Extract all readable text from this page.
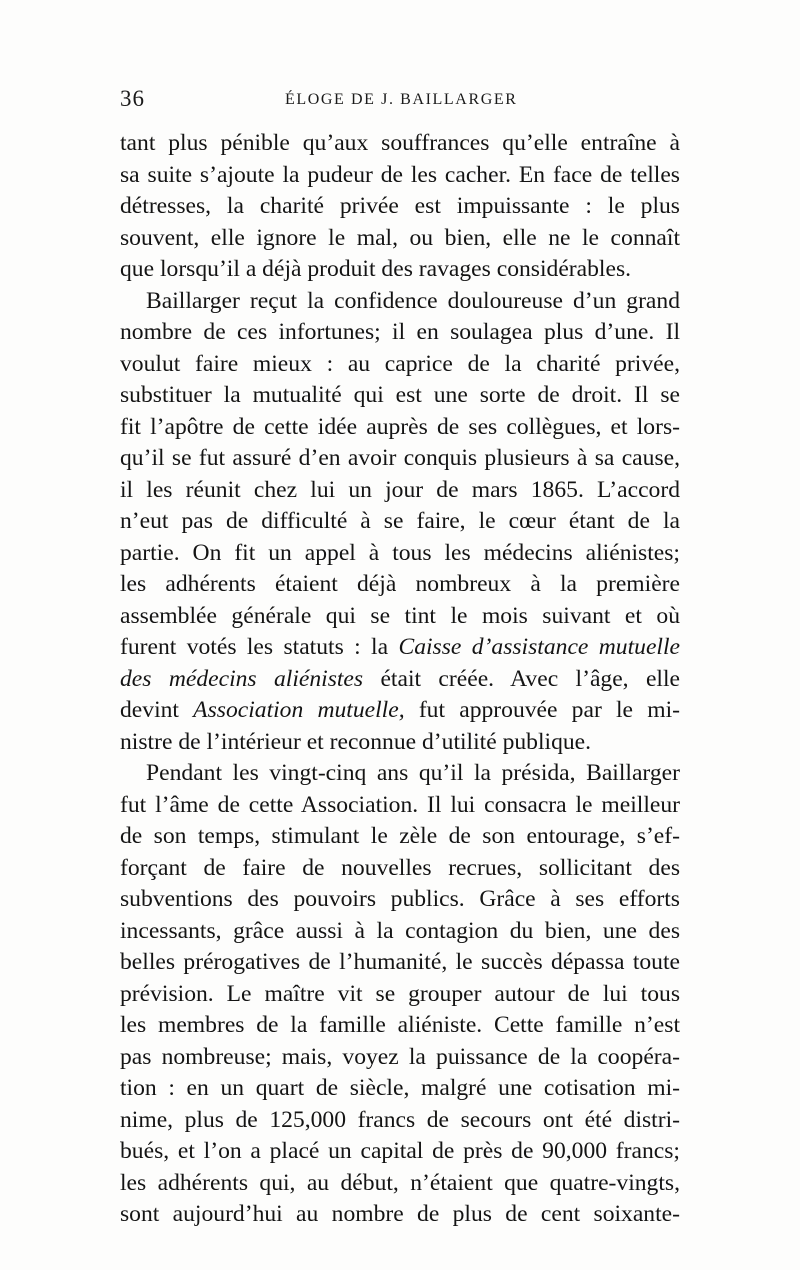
36	ÉLOGE DE J. BAILLARGER
tant plus pénible qu’aux souffrances qu’elle entraîne à
sa suite s’ajoute la pudeur de les cacher. En face de telles
détresses, la charité privée est impuissante : le plus
souvent, elle ignore le mal, ou bien, elle ne le connaît
que lorsqu’il a déjà produit des ravages considérables.
Baillarger reçut la confidence douloureuse d’un grand
nombre de ces infortunes; il en soulagea plus d’une. Il
voulut faire mieux : au caprice de la charité privée,
substituer la mutualité qui est une sorte de droit. Il se
fit l’apôtre de cette idée auprès de ses collègues, et lors-
qu’il se fut assuré d’en avoir conquis plusieurs à sa cause,
il les réunit chez lui un jour de mars 1865. L’accord
n’eut pas de difficulté à se faire, le cœur étant de la
partie. On fit un appel à tous les médecins aliénistes;
les adhérents étaient déjà nombreux à la première
assemblée générale qui se tint le mois suivant et où
furent votés les statuts : la Caisse d’assistance mutuelle
des médecins aliénistes était créée. Avec l’âge, elle
devint Association mutuelle, fut approuvée par le mi-
nistre de l’intérieur et reconnue d’utilité publique.
Pendant les vingt-cinq ans qu’il la présida, Baillarger
fut l’âme de cette Association. Il lui consacra le meilleur
de son temps, stimulant le zèle de son entourage, s’ef-
forçant de faire de nouvelles recrues, sollicitant des
subventions des pouvoirs publics. Grâce à ses efforts
incessants, grâce aussi à la contagion du bien, une des
belles prérogatives de l’humanité, le succès dépassa toute
prévision. Le maître vit se grouper autour de lui tous
les membres de la famille aliéniste. Cette famille n’est
pas nombreuse; mais, voyez la puissance de la coopéra-
tion : en un quart de siècle, malgré une cotisation mi-
nime, plus de 125,000 francs de secours ont été distri-
bués, et l’on a placé un capital de près de 90,000 francs;
les adhérents qui, au début, n’étaient que quatre-vingts,
sont aujourd’hui au nombre de plus de cent soixante-
